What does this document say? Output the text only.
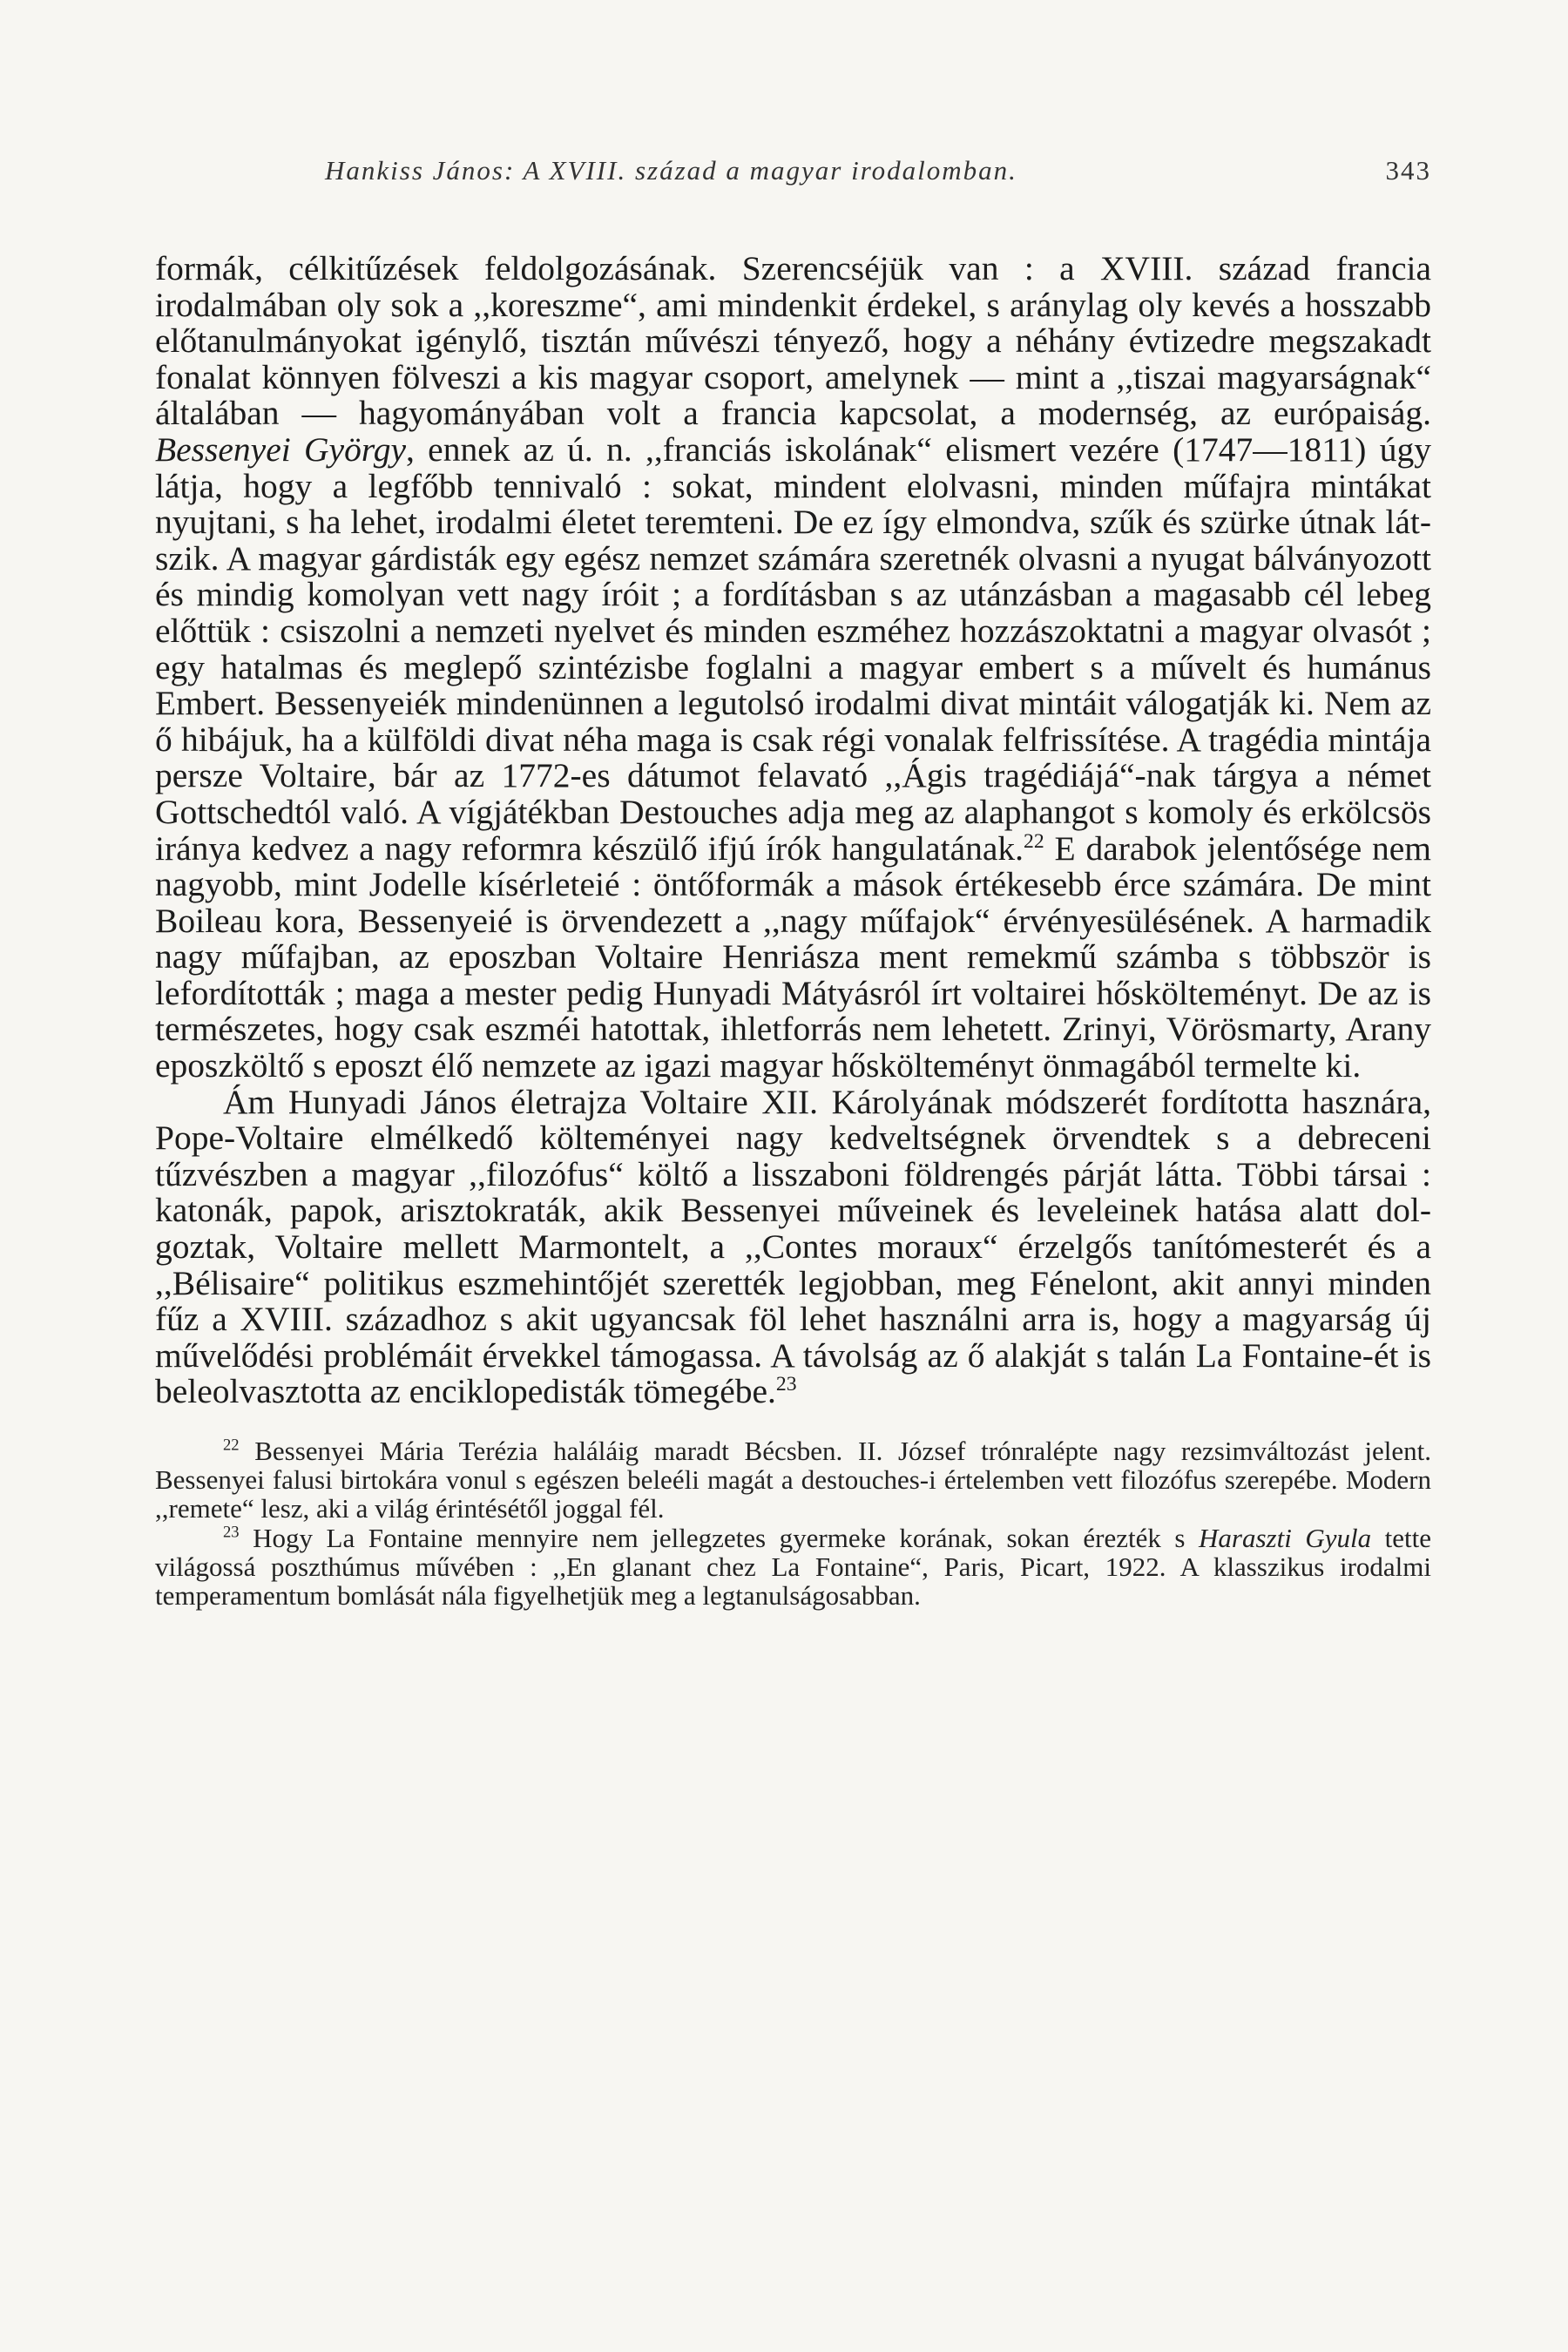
Hankiss János: A XVIII. század a magyar irodalomban.	343

formák, célkitűzések feldolgozásának. Szerencséjük van : a XVIII. század francia irodalmában oly sok a ,,koreszme“, ami mindenkit érdekel, s aránylag oly kevés a hosszabb előtanulmányokat igénylő, tisztán művészi tényező, hogy a néhány évtizedre megszakadt fonalat könnyen fölveszi a kis magyar csoport, amelynek — mint a ,,tiszai magyarságnak“ általában — hagyományában volt a francia kapcsolat, a modernség, az európaiság. Bessenyei György, ennek az ú. n. ,,franciás iskolának“ elismert vezére (1747—1811) úgy látja, hogy a legfőbb tennivaló : sokat, mindent elolvasni, minden műfajra mintákat nyujtani, s ha lehet, irodalmi életet teremteni. De ez így elmondva, szűk és szürke útnak látszik. A magyar gárdisták egy egész nemzet számára szeretnék olvasni a nyugat bálványozott és mindig komolyan vett nagy íróit ; a fordításban s az utánzásban a magasabb cél lebeg előttük : csiszolni a nemzeti nyelvet és minden eszméhez hozzászoktatni a magyar olvasót ; egy hatalmas és meglepő szintézisbe foglalni a magyar embert s a művelt és humánus Embert. Bessenyeiék mindenünnen a legutolsó irodalmi divat mintáit válogatják ki. Nem az ő hibájuk, ha a külföldi divat néha maga is csak régi vonalak felfrissítése. A tragédia mintája persze Voltaire, bár az 1772-es dátumot felavató ,,Ágis tragédiájá“-nak tárgya a német Gottschedtól való. A vígjátékban Destouches adja meg az alaphangot s komoly és erkölcsös iránya kedvez a nagy reformra készülő ifjú írók hangulatának.$^{22}$ E darabok jelentősége nem nagyobb, mint Jodelle kísérleteié : öntőformák a mások értékesebb érce számára. De mint Boileau kora, Bessenyeié is örvendezett a ,,nagy műfajok“ érvényesülésének. A harmadik nagy műfajban, az eposzban Voltaire Henriásza ment remekmű számba s többször is lefordították ; maga a mester pedig Hunyadi Mátyásról írt voltairei hőskölteményt. De az is természetes, hogy csak eszméi hatottak, ihletforrás nem lehetett. Zrinyi, Vörösmarty, Arany eposzköltő s eposzt élő nemzete az igazi magyar hőskölteményt önmagából termelte ki.

Ám Hunyadi János életrajza Voltaire XII. Károlyának módszerét fordította hasznára, Pope-Voltaire elmélkedő költeményei nagy kedveltségnek örvendtek s a debreceni tűzvészben a magyar ,,filozófus“ költő a lisszaboni földrengés párját látta. Többi társai : katonák, papok, arisztokraták, akik Bessenyei műveinek és leveleinek hatása alatt dolgoztak, Voltaire mellett Marmontelt, a ,,Contes moraux“ érzelgős tanítómesterét és a ,,Bélisaire“ politikus eszmehintőjét szerették legjobban, meg Fénelont, akit annyi minden fűz a XVIII. századhoz s akit ugyancsak föl lehet használni arra is, hogy a magyarság új művelődési problémáit érvekkel támogassa. A távolság az ő alakját s talán La Fontaine-ét is beleolvasztotta az enciklopedisták tömegébe.$^{23}$

$^{22}$ Bessenyei Mária Terézia haláláig maradt Bécsben. II. József trónralépte nagy rezsimváltozást jelent. Bessenyei falusi birtokára vonul s egészen beleéli magát a destouches-i értelemben vett filozófus szerepébe. Modern ,,remete“ lesz, aki a világ érintésétől joggal fél.

$^{23}$ Hogy La Fontaine mennyire nem jellegzetes gyermeke korának, sokan érezték s Haraszti Gyula tette világossá poszthúmus művében : ,,En glanant chez La Fontaine“, Paris, Picart, 1922. A klasszikus irodalmi temperamentum bomlását nála figyelhetjük meg a legtanulságosabban.
